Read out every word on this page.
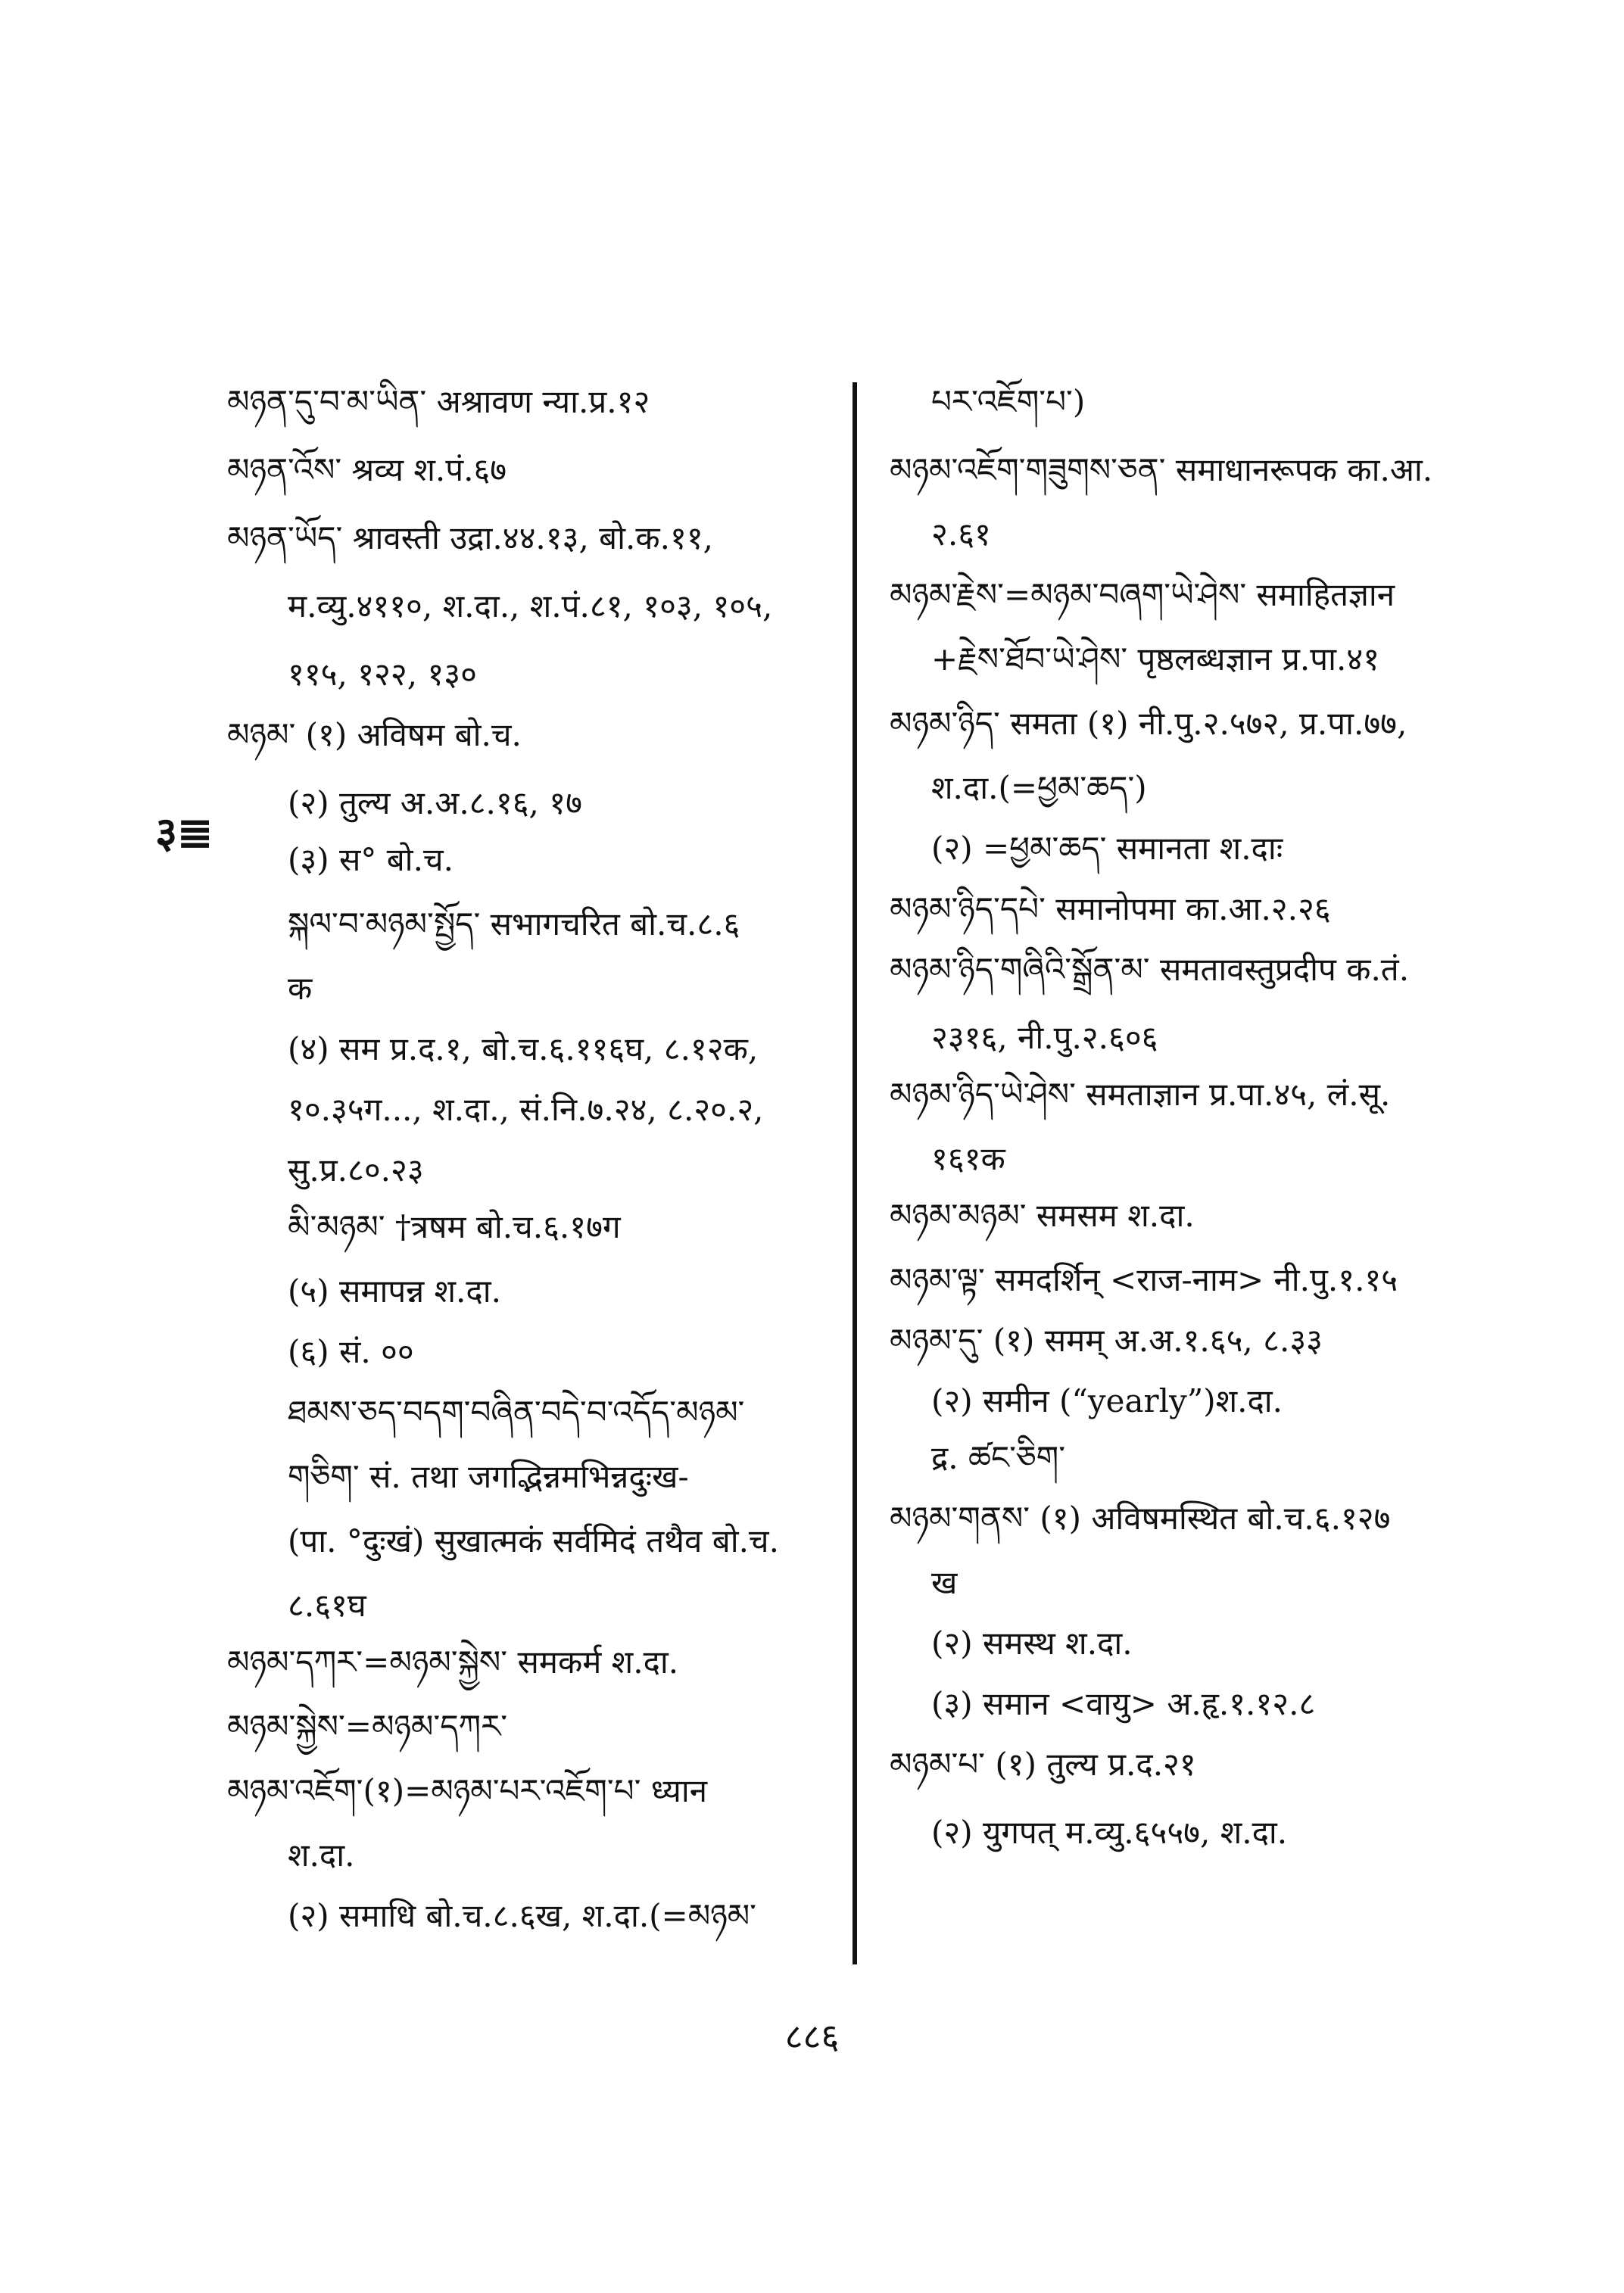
३≣
མཉན་དུ་བ་མ་ཡིན་ अश्रावण न्या.प्र.१२
མཉན་འོས་ श्रव्य श.पं.६७
མཉན་ཡོད་ श्रावस्ती उद्रा.४४.१३, बो.क.११,
म.व्यु.४११०, श.दा., श.पं.८१, १०३, १०५,
११५, १२२, १३०
མཉམ་ (१) अविषम बो.च.
(२) तुल्य अ.अ.८.१६, १७
(३) स° बो.च.
སྐལ་བ་མཉམ་སྤྱོད་ सभागचरित बो.च.८.६
क
(४) सम प्र.द.१, बो.च.६.११६घ, ८.१२क,
१०.३५ग..., श.दा., सं.नि.७.२४, ८.२०.२,
सु.प्र.८०.२३
མི་མཉམ་ †त्रषम बो.च.६.१७ग
(५) समापन्न श.दा.
(६) सं. ००
ཐམས་ཅད་བདག་བཞིན་བདེ་བ་འདོད་མཉམ་
གཅིག་ सं. तथा जगद्भिन्नमभिन्नदुःख-
(पा. °दुःखं) सुखात्मकं सर्वमिदं तथैव बो.च.
८.६१घ
མཉམ་དཀར་=མཉམ་སྐྱེས་ समकर्म श.दा.
མཉམ་སྐྱེས་=མཉམ་དཀར་
མཉམ་འཇོག་(१)=མཉམ་པར་འཇོག་པ་ ध्यान
श.दा.
(२) समाधि बो.च.८.६ख, श.दा.(=མཉམ་
པར་འཇོག་པ་)
མཉམ་འཇོག་གཟུགས་ཅན་ समाधानरूपक का.आ.
२.६१
མཉམ་རྗེས་=མཉམ་བཞག་ཡེ་ཤེས་ समाहितज्ञान
+རྗེས་ཐོབ་ཡེ་ཤེས་ पृष्ठलब्धज्ञान प्र.पा.४१
མཉམ་ཉིད་ समता (१) नी.पु.२.५७२, प्र.पा.७७,
श.दा.(=ཕྱམ་ཆད་)
(२) =ཕྱམ་ཆད་ समानता श.दाः
མཉམ་ཉིད་དཔེ་ समानोपमा का.आ.२.२६
མཉམ་ཉིད་གཞིའི་སྒྲོན་མ་ समतावस्तुप्रदीप क.तं.
२३१६, नी.पु.२.६०६
མཉམ་ཉིད་ཡེ་ཤེས་ समताज्ञान प्र.पा.४५, लं.सू.
१६१क
མཉམ་མཉམ་ समसम श.दा.
མཉམ་ལྟ་ समदर्शिन् <राज-नाम> नी.पु.१.१५
མཉམ་དུ་ (१) समम् अ.अ.१.६५, ८.३३
(२) समीन (“yearly”)श.दा.
द्र. ཚང་ཅིག་
མཉམ་གནས་ (१) अविषमस्थित बो.च.६.१२७
ख
(२) समस्थ श.दा.
(३) समान <वायु> अ.हृ.१.१२.८
མཉམ་པ་ (१) तुल्य प्र.द.२१
(२) युगपत् म.व्यु.६५५७, श.दा.
८८६
